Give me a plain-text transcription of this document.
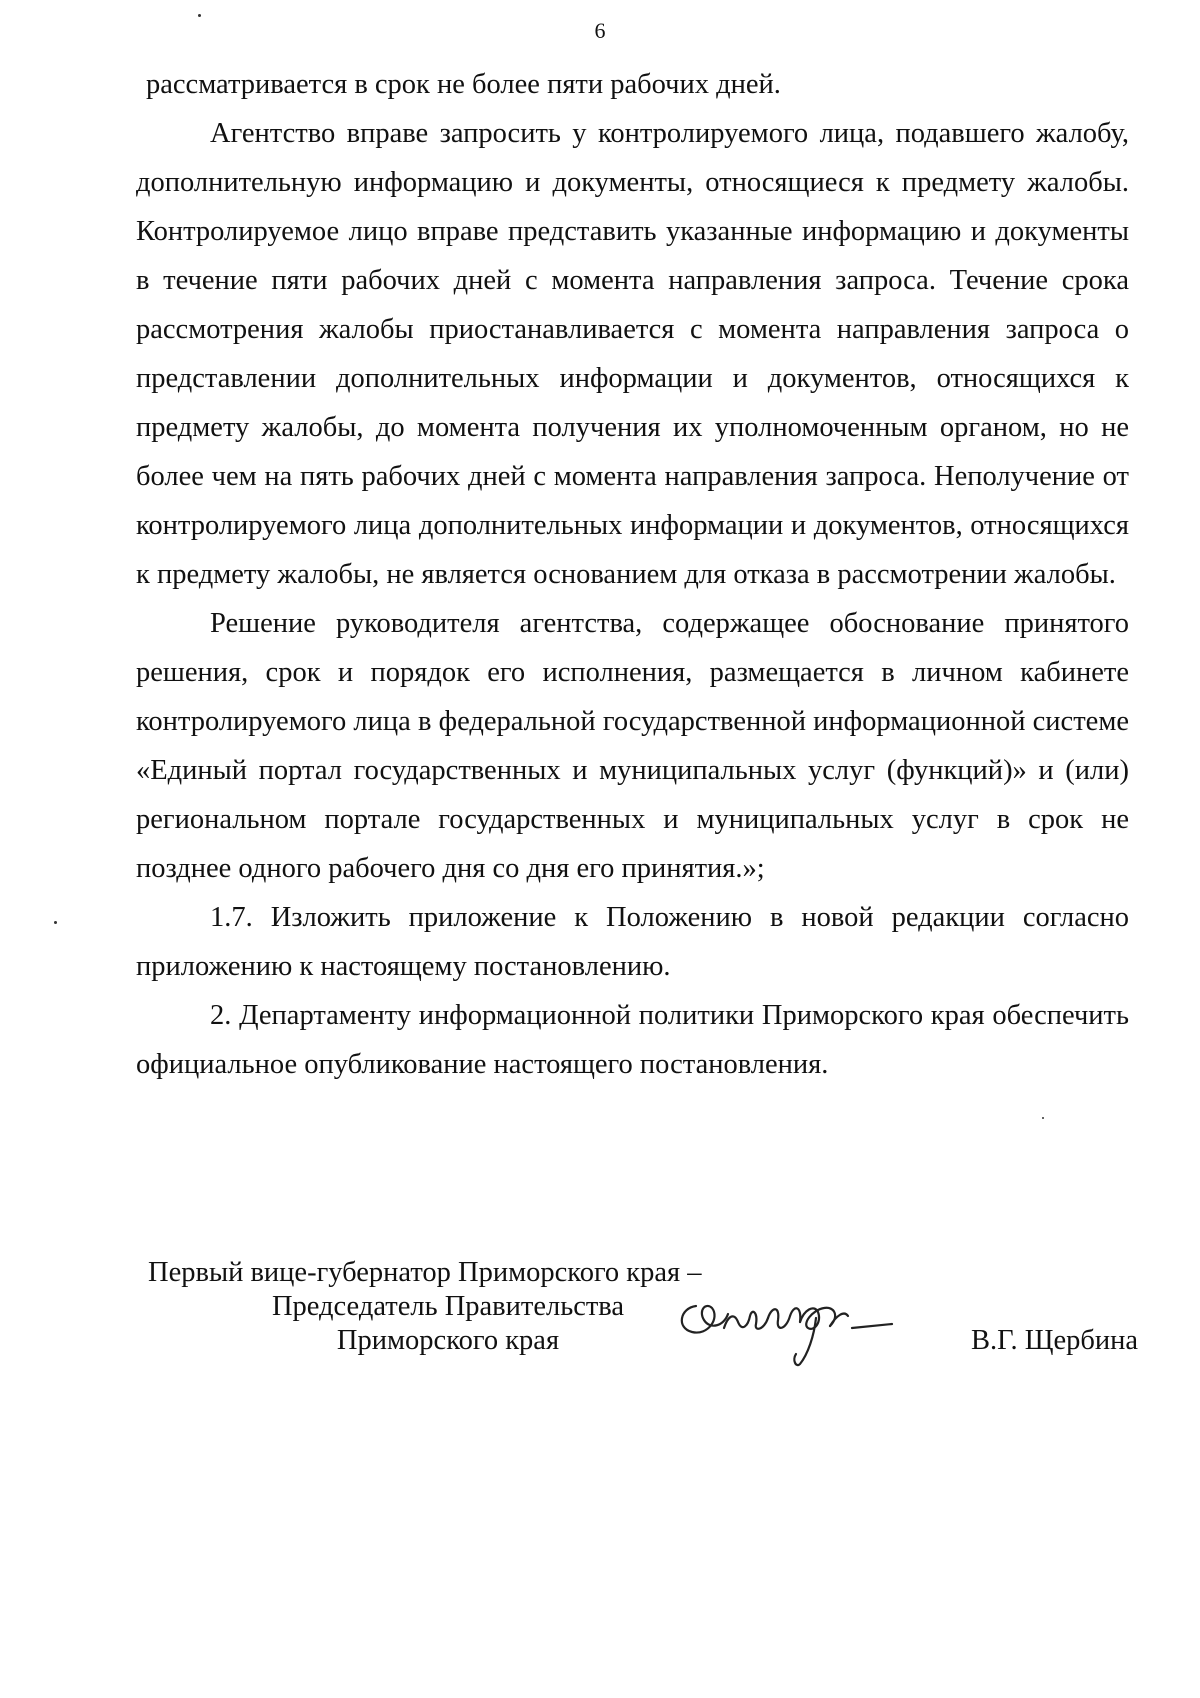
6

рассматривается в срок не более пяти рабочих дней.

Агентство вправе запросить у контролируемого лица, подавшего жалобу, дополнительную информацию и документы, относящиеся к предмету жалобы. Контролируемое лицо вправе представить указанные информацию и документы в течение пяти рабочих дней с момента направления запроса. Течение срока рассмотрения жалобы приостанавливается с момента направления запроса о представлении дополнительных информации и документов, относящихся к предмету жалобы, до момента получения их уполномоченным органом, но не более чем на пять рабочих дней с момента направления запроса. Неполучение от контролируемого лица дополнительных информации и документов, относящихся к предмету жалобы, не является основанием для отказа в рассмотрении жалобы.

Решение руководителя агентства, содержащее обоснование принятого решения, срок и порядок его исполнения, размещается в личном кабинете контролируемого лица в федеральной государственной информационной системе «Единый портал государственных и муниципальных услуг (функций)» и (или) региональном портале государственных и муниципальных услуг в срок не позднее одного рабочего дня со дня его принятия.»;

1.7. Изложить приложение к Положению в новой редакции согласно приложению к настоящему постановлению.

2. Департаменту информационной политики Приморского края обеспечить официальное опубликование настоящего постановления.

Первый вице-губернатор Приморского края –
Председатель Правительства
Приморского края	В.Г. Щербина
